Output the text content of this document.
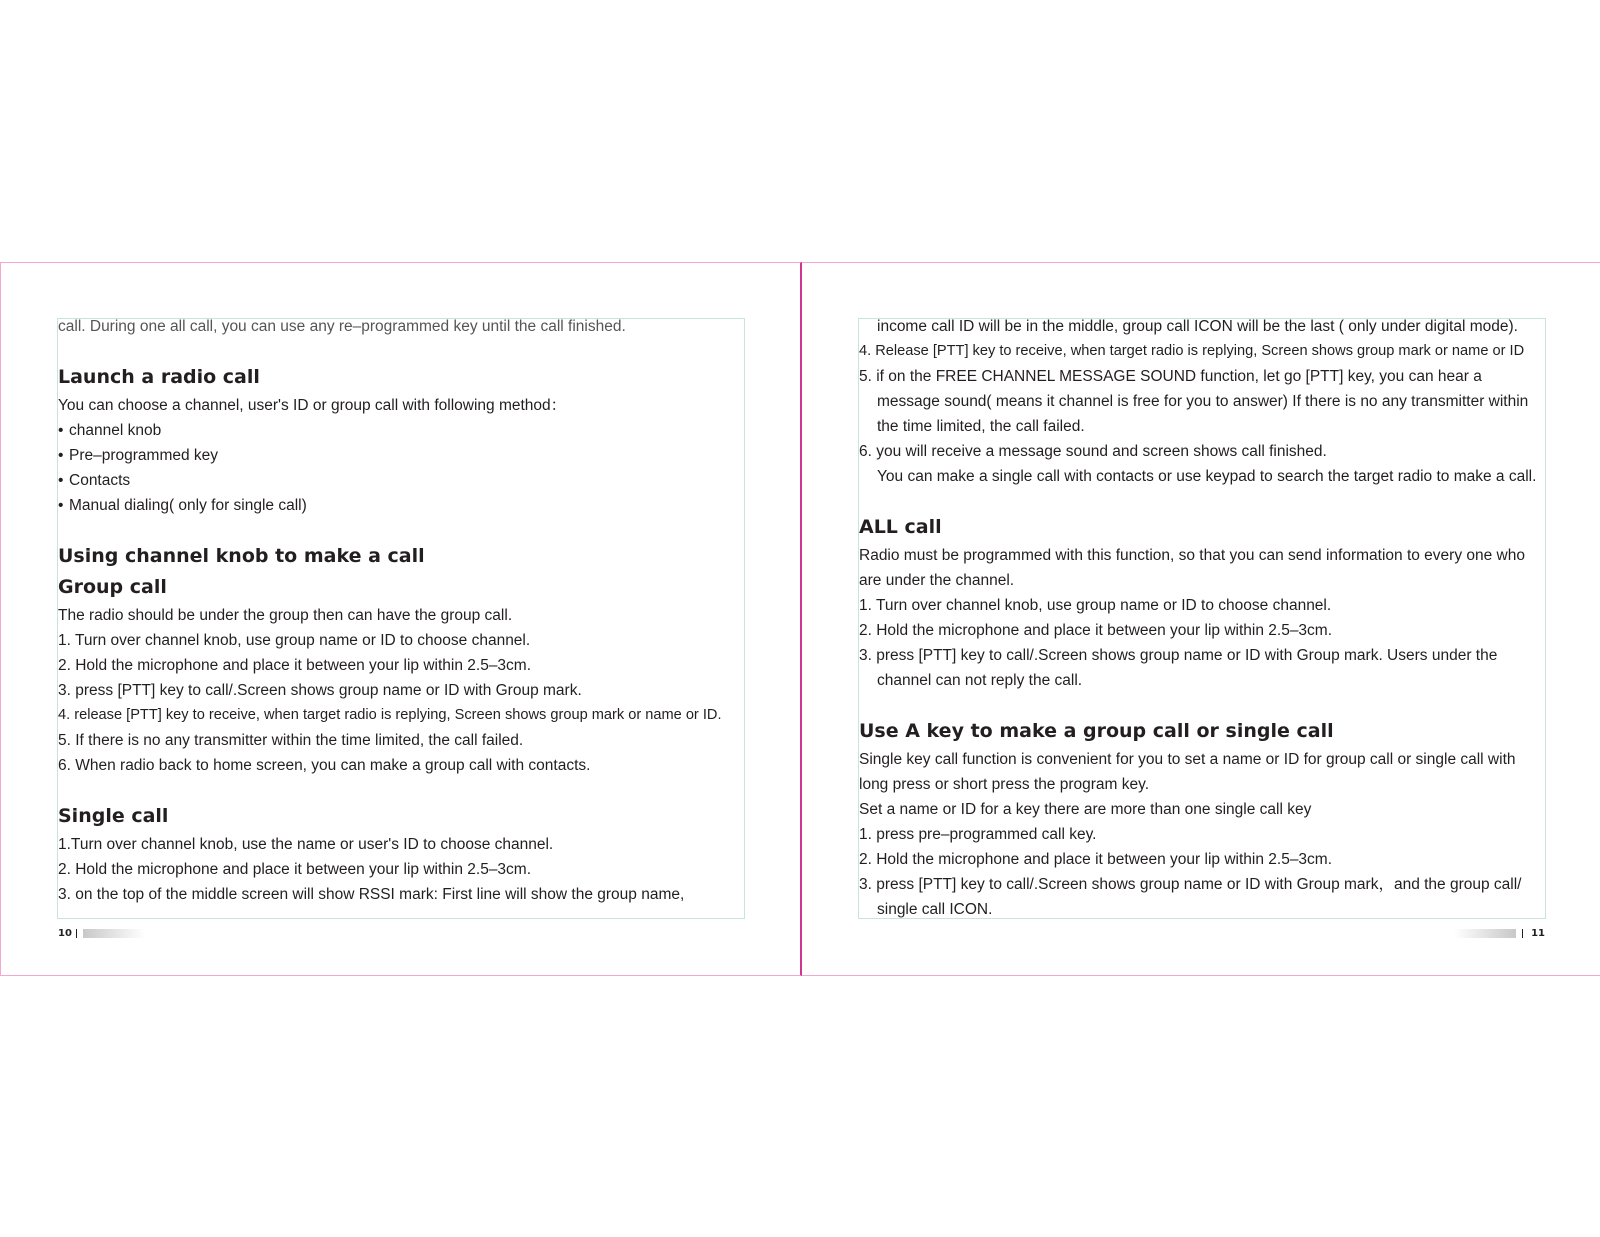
call. During one all call, you can use any re–programmed key until the call finished.
Launch a radio call
You can choose a channel, user's ID or group call with following method：
• channel knob
• Pre–programmed key
• Contacts
• Manual dialing( only for single call)
Using channel knob to make a call
Group call
The radio should be under the group then can have the group call.
1. Turn over channel knob, use group name or ID to choose channel.
2. Hold the microphone and place it between your lip within 2.5–3cm.
3. press [PTT] key to call/.Screen shows group name or ID with Group mark.
4. release [PTT] key to receive, when target radio is replying, Screen shows group mark or name or ID.
5. If there is no any transmitter within the time limited, the call failed.
6. When radio back to home screen, you can make a group call with contacts.
Single call
1.Turn over channel knob, use the name or user's ID to choose channel.
2. Hold the microphone and place it between your lip within 2.5–3cm.
3. on the top of the middle screen will show RSSI mark: First line will show the group name,
10
income call ID will be in the middle, group call ICON will be the last ( only under digital mode).
4. Release [PTT] key to receive, when target radio is replying, Screen shows group mark or name or ID
5. if on the FREE CHANNEL MESSAGE SOUND function, let go [PTT] key, you can hear a
message sound( means it channel is free for you to answer) If there is no any transmitter within
the time limited, the call failed.
6. you will receive a message sound and screen shows call finished.
You can make a single call with contacts or use keypad to search the target radio to make a call.
ALL call
Radio must be programmed with this function, so that you can send information to every one who
are under the channel.
1. Turn over channel knob, use group name or ID to choose channel.
2. Hold the microphone and place it between your lip within 2.5–3cm.
3. press [PTT] key to call/.Screen shows group name or ID with Group mark. Users under the
channel can not reply the call.
Use A key to make a group call or single call
Single key call function is convenient for you to set a name or ID for group call or single call with
long press or short press the program key.
Set a name or ID for a key there are more than one single call key
1. press pre–programmed call key.
2. Hold the microphone and place it between your lip within 2.5–3cm.
3. press [PTT] key to call/.Screen shows group name or ID with Group mark，and the group call/
single call ICON.
11
